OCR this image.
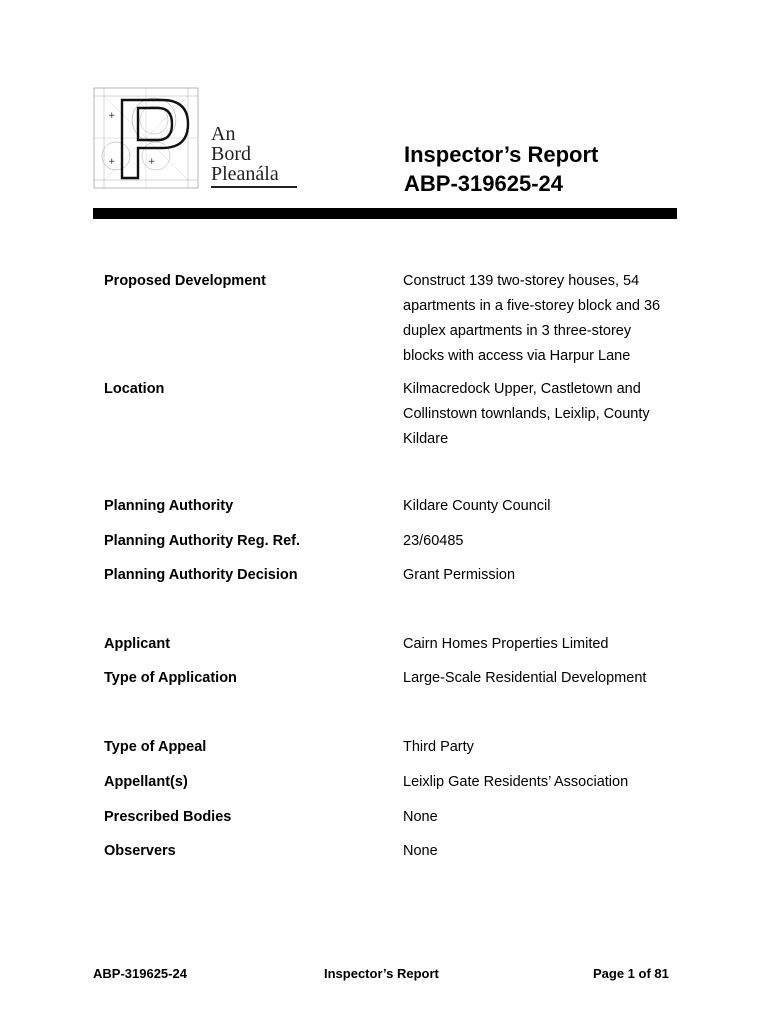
+
+	+
An
Bord
Pleanála
Inspector’s Report
ABP-319625-24
Proposed Development	Construct 139 two-storey houses, 54 apartments in a five-storey block and 36 duplex apartments in 3 three-storey blocks with access via Harpur Lane
Location	Kilmacredock Upper, Castletown and Collinstown townlands, Leixlip, County Kildare
Planning Authority	Kildare County Council
Planning Authority Reg. Ref.	23/60485
Planning Authority Decision	Grant Permission
Applicant	Cairn Homes Properties Limited
Type of Application	Large-Scale Residential Development
Type of Appeal	Third Party
Appellant(s)	Leixlip Gate Residents’ Association
Prescribed Bodies	None
Observers	None
ABP-319625-24	Inspector’s Report	Page 1 of 81
